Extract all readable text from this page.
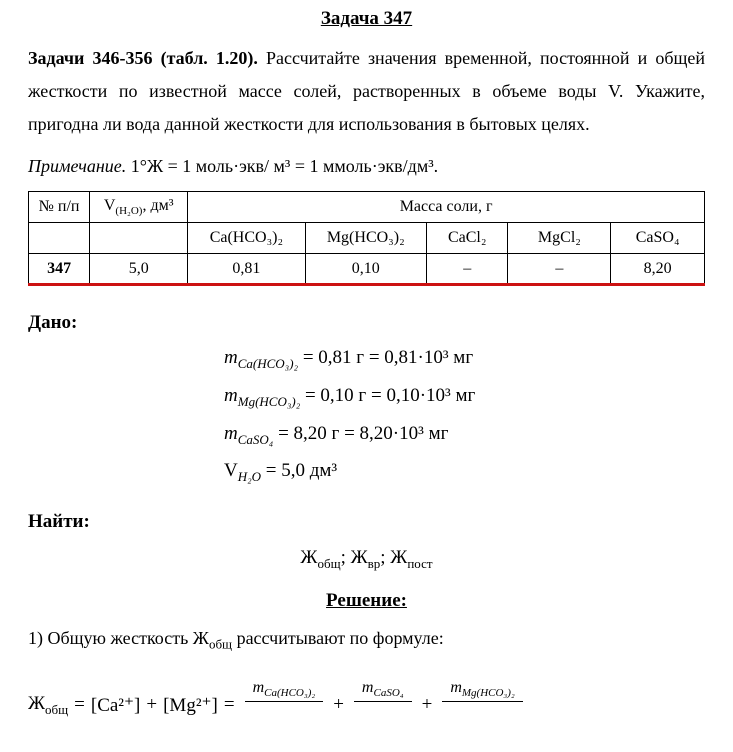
Задача 347

Задачи 346-356 (табл. 1.20). Рассчитайте значения временной, постоянной и общей жесткости по известной массе солей, растворенных в объеме воды V. Укажите, пригодна ли вода данной жесткости для использования в бытовых целях.

Примечание. 1°Ж = 1 моль·экв/ м³ = 1 ммоль·экв/дм³.

№ п/п	$V_{(H_2O)}$, дм³	Масса соли, г				
		Ca(HCO₃)₂	Mg(HCO₃)₂	CaCl₂	MgCl₂	CaSO₄
347	5,0	0,81	0,10	–	–	8,20
Дано:
$m_{Ca(HCO_3)_2} = 0,81$ г = 0,81·10³ мг
$m_{Mg(HCO_3)_2} = 0,10$ г = 0,10·10³ мг
$m_{CaSO_4} = 8,20$ г = 8,20·10³ мг
$V_{H_2O} = 5,0$ дм³
Найти:
$Ж_{общ}$; $Ж_{вр}$; $Ж_{пост}$
Решение:
1) Общую жесткость $Ж_{общ}$ рассчитывают по формуле:
$Ж_{общ} = [Ca^{2+}] + [Mg^{2+}]$ =
$m_{Ca(HCO_3)_2}$
+
$m_{CaSO_4}$
+
$m_{Mg(HCO_3)_2}$
